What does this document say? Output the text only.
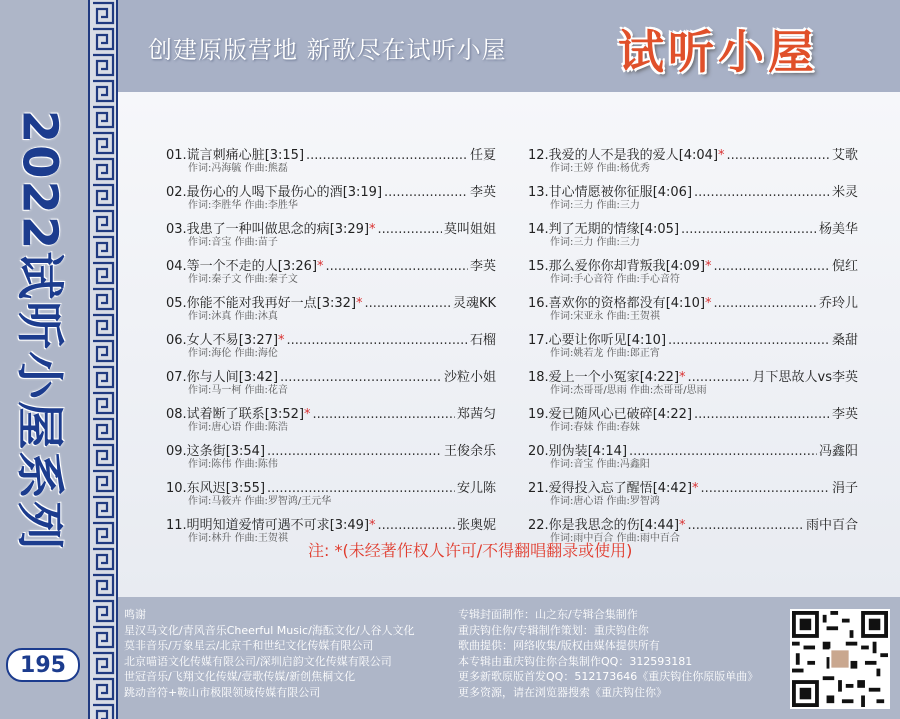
2022试听小屋系列
195
创建原版营地 新歌尽在试听小屋 试听小屋
01.谎言刺痛心脏 [3:15] .....	任夏
作词:冯海毓 作曲:熊磊
02.最伤心的人喝下最伤心的酒 [3:19] .....	李英
作词:李胜华 作曲:李胜华
03.我患了一种叫做思念的病 [3:29] * .....	莫叫姐姐
作词:音宝 作曲:苗子
04.等一个不走的人 [3:26] * .....	李英
作词:秦子文 作曲:秦子文
05.你能不能对我再好一点 [3:32] * .....	灵魂KK
作词:沐真 作曲:沐真
06.女人不易 [3:27] * .....	石榴
作词:海伦 作曲:海伦
07.你与人间 [3:42] .....	沙粒小姐
作词:马一柯 作曲:花音
08.试着断了联系 [3:52] * .....	郑茜匀
作词:唐心语 作曲:陈浩
09.这条街 [3:54] .....	王俊余乐
作词:陈伟 作曲:陈伟
10.东风迟 [3:55] .....	安儿陈
作词:马筱卉 作曲:罗智鸿/王元华
11.明明知道爱情可遇不可求 [3:49] * .....	张奥妮
作词:林升 作曲:王贺祺
12.我爱的人不是我的爱人 [4:04] * .....	艾歌
作词:王婷 作曲:杨优秀
13.甘心情愿被你征服 [4:06] .....	米灵
作词:三力 作曲:三力
14.判了无期的情缘 [4:05] .....	杨美华
作词:三力 作曲:三力
15.那么爱你你却背叛我 [4:09] * .....	倪红
作词:手心音符 作曲:手心音符
16.喜欢你的资格都没有 [4:10] * .....	乔玲儿
作词:宋亚永 作曲:王贺祺
17.心要让你听见 [4:10] .....	桑甜
作词:姚若龙 作曲:郎正宵
18.爱上一个小冤家 [4:22] * .....	月下思故人vs李英
作词:杰哥哥/思雨 作曲:杰哥哥/思雨
19.爱已随风心已破碎 [4:22] .....	李英
作词:春妹 作曲:春妹
20.别伪装 [4:14] .....	冯鑫阳
作词:音宝 作曲:冯鑫阳
21.爱得投入忘了醒悟 [4:42] * .....	涓子
作词:唐心语 作曲:罗智鸿
22.你是我思念的伤 [4:44] * .....	雨中百合
作词:雨中百合 作曲:雨中百合
注: *(未经著作权人许可/不得翻唱翻录或使用)
鸣谢
星汉马文化/青风音乐Cheerful Music/海酝文化/人谷人文化
莫非音乐/万象星云/北京千和世纪文化传媒有限公司
北京喵语文化传媒有限公司/深圳启韵文化传媒有限公司
世冠音乐/飞翔文化传媒/壹歌传媒/新创焦桐文化
跳动音符+鞍山市极限领域传媒有限公司
专辑封面制作：山之东/专辑合集制作
重庆钩住你/专辑制作策划：重庆钩住你
歌曲提供：网络收集/版权由媒体提供所有
本专辑由重庆钩住你合集制作QQ：312593181
更多新歌原版首发QQ：512173646《重庆钩住你原版单曲》
更多资源，请在浏览器搜索《重庆钩住你》
